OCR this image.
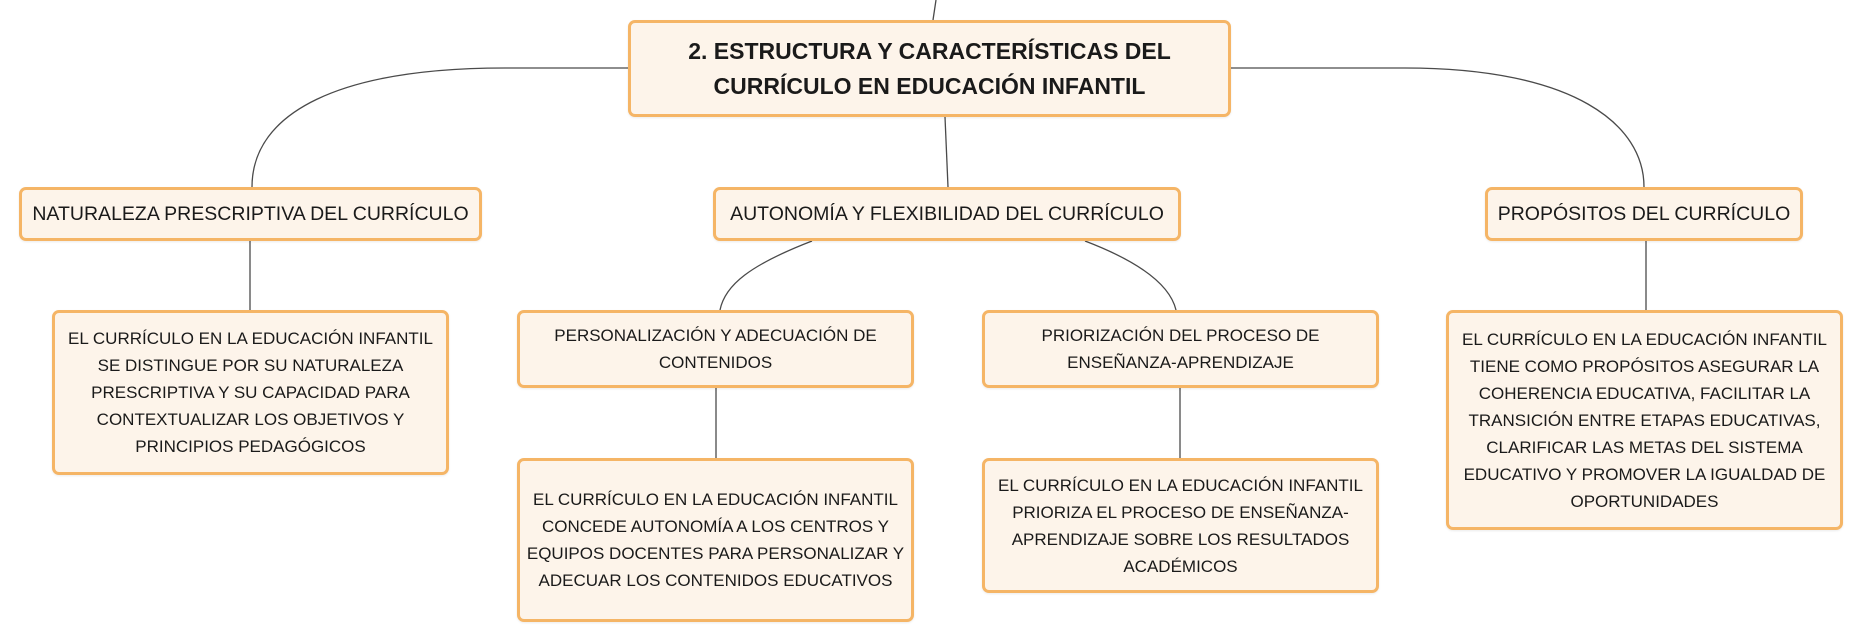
2. ESTRUCTURA Y CARACTERÍSTICAS DEL CURRÍCULO EN EDUCACIÓN INFANTIL
NATURALEZA PRESCRIPTIVA DEL CURRÍCULO	AUTONOMÍA Y FLEXIBILIDAD DEL CURRÍCULO	PROPÓSITOS DEL CURRÍCULO
EL CURRÍCULO EN LA EDUCACIÓN INFANTIL SE DISTINGUE POR SU NATURALEZA PRESCRIPTIVA Y SU CAPACIDAD PARA CONTEXTUALIZAR LOS OBJETIVOS Y PRINCIPIOS PEDAGÓGICOS
PERSONALIZACIÓN Y ADECUACIÓN DE CONTENIDOS
PRIORIZACIÓN DEL PROCESO DE ENSEÑANZA-APRENDIZAJE
EL CURRÍCULO EN LA EDUCACIÓN INFANTIL CONCEDE AUTONOMÍA A LOS CENTROS Y EQUIPOS DOCENTES PARA PERSONALIZAR Y ADECUAR LOS CONTENIDOS EDUCATIVOS
EL CURRÍCULO EN LA EDUCACIÓN INFANTIL PRIORIZA EL PROCESO DE ENSEÑANZA-APRENDIZAJE SOBRE LOS RESULTADOS ACADÉMICOS
EL CURRÍCULO EN LA EDUCACIÓN INFANTIL TIENE COMO PROPÓSITOS ASEGURAR LA COHERENCIA EDUCATIVA, FACILITAR LA TRANSICIÓN ENTRE ETAPAS EDUCATIVAS, CLARIFICAR LAS METAS DEL SISTEMA EDUCATIVO Y PROMOVER LA IGUALDAD DE OPORTUNIDADES
